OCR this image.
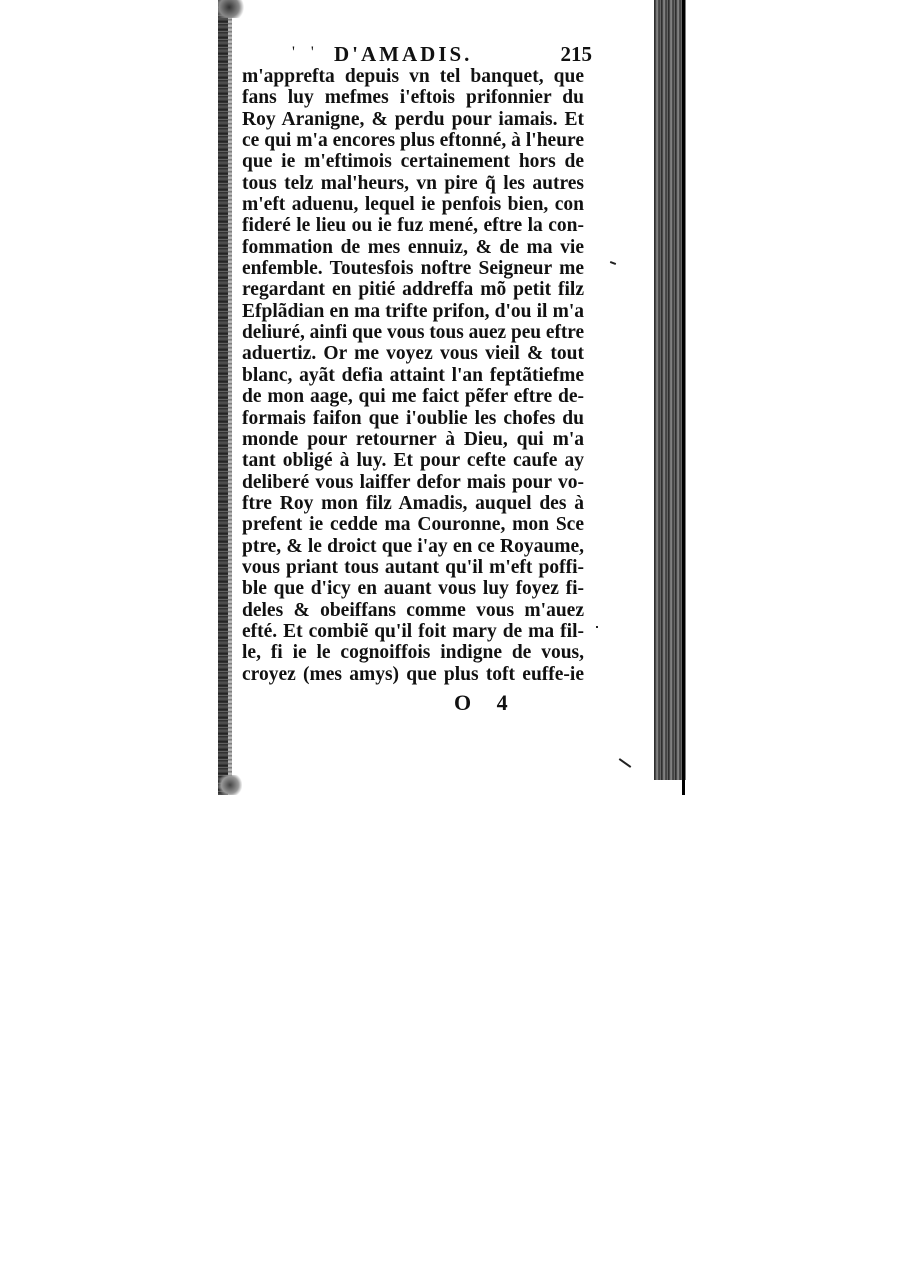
' ' D'AMADIS.	215
m'apprefta depuis vn tel banquet, que
fans luy mefmes i'eftois prifonnier du
Roy Aranigne, & perdu pour iamais. Et
ce qui m'a encores plus eftonné, à l'heure
que ie m'eftimois certainement hors de
tous telz mal'heurs, vn pire q̃ les autres
m'eft aduenu, lequel ie penfois bien, con
fideré le lieu ou ie fuz mené, eftre la con-
fommation de mes ennuiz, & de ma vie
enfemble. Toutesfois noftre Seigneur me
regardant en pitié addreffa mõ petit filz
Efplãdian en ma trifte prifon, d'ou il m'a
deliuré, ainfi que vous tous auez peu eftre
aduertiz. Or me voyez vous vieil & tout
blanc, ayãt defia attaint l'an feptãtiefme
de mon aage, qui me faict pẽfer eftre de-
formais faifon que i'oublie les chofes du
monde pour retourner à Dieu, qui m'a
tant obligé à luy. Et pour cefte caufe ay
deliberé vous laiffer defor mais pour vo-
ftre Roy mon filz Amadis, auquel des à
prefent ie cedde ma Couronne, mon Sce
ptre, & le droict que i'ay en ce Royaume,
vous priant tous autant qu'il m'eft poffi-
ble que d'icy en auant vous luy foyez fi-
deles & obeiffans comme vous m'auez
efté. Et combiẽ qu'il foit mary de ma fil-
le, fi ie le cognoiffois indigne de vous,
croyez (mes amys) que plus toft euffe-ie
O 4
